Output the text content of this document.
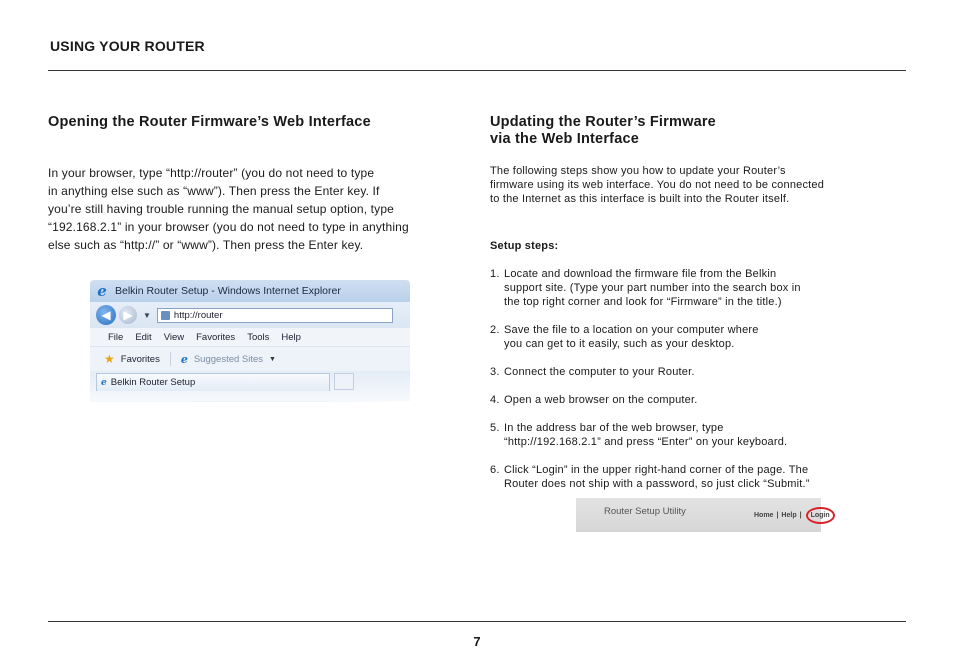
USING YOUR ROUTER
Opening the Router Firmware’s Web Interface
In your browser, type “http://router” (you do not need to type
in anything else such as “www”). Then press the Enter key. If
you’re still having trouble running the manual setup option, type
“192.168.2.1” in your browser (you do not need to type in anything
else such as “http://” or “www”). Then press the Enter key.
e Belkin Router Setup - Windows Internet Explorer
◀	▶	▼ http://router
File Edit View Favorites Tools Help
★ Favorites e Suggested Sites ▼
e Belkin Router Setup
Updating the Router’s Firmware
via the Web Interface
The following steps show you how to update your Router’s
firmware using its web interface. You do not need to be connected
to the Internet as this interface is built into the Router itself.
Setup steps:
1. Locate and download the firmware file from the Belkin
support site. (Type your part number into the search box in
the top right corner and look for “Firmware” in the title.)
2. Save the file to a location on your computer where
you can get to it easily, such as your desktop.
3. Connect the computer to your Router.
4. Open a web browser on the computer.
5. In the address bar of the web browser, type
“http://192.168.2.1” and press “Enter” on your keyboard.
6. Click “Login” in the upper right-hand corner of the page. The
Router does not ship with a password, so just click “Submit.”
Router Setup Utility	Home | Help |	Login
7
